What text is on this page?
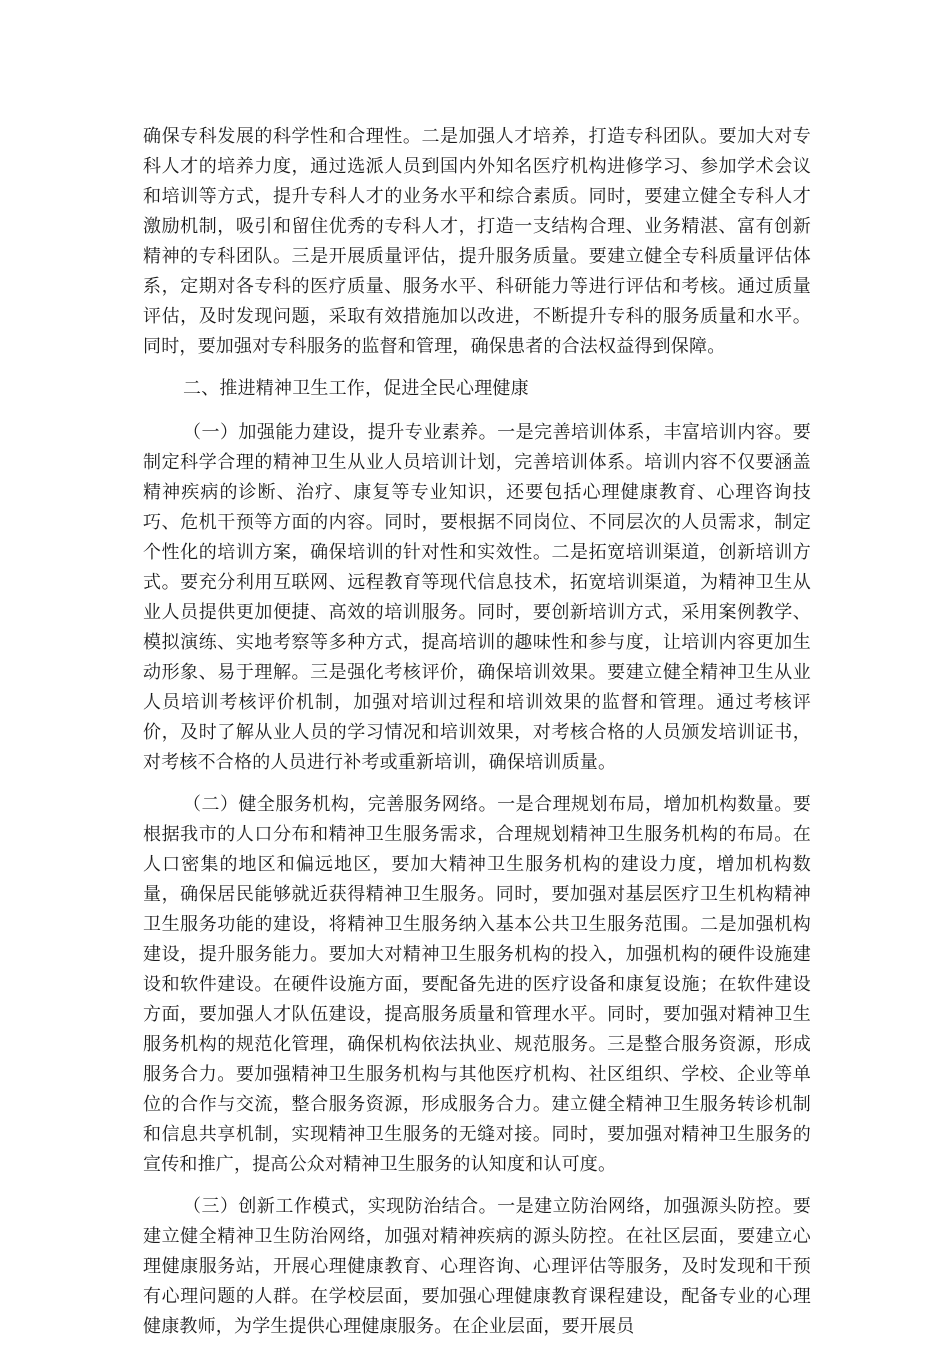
确保专科发展的科学性和合理性。二是加强人才培养，打造专科团队。要加大对专科人才的培养力度，通过选派人员到国内外知名医疗机构进修学习、参加学术会议和培训等方式，提升专科人才的业务水平和综合素质。同时，要建立健全专科人才激励机制，吸引和留住优秀的专科人才，打造一支结构合理、业务精湛、富有创新精神的专科团队。三是开展质量评估，提升服务质量。要建立健全专科质量评估体系，定期对各专科的医疗质量、服务水平、科研能力等进行评估和考核。通过质量评估，及时发现问题，采取有效措施加以改进，不断提升专科的服务质量和水平。同时，要加强对专科服务的监督和管理，确保患者的合法权益得到保障。

二、推进精神卫生工作，促进全民心理健康

（一）加强能力建设，提升专业素养。一是完善培训体系，丰富培训内容。要制定科学合理的精神卫生从业人员培训计划，完善培训体系。培训内容不仅要涵盖精神疾病的诊断、治疗、康复等专业知识，还要包括心理健康教育、心理咨询技巧、危机干预等方面的内容。同时，要根据不同岗位、不同层次的人员需求，制定个性化的培训方案，确保培训的针对性和实效性。二是拓宽培训渠道，创新培训方式。要充分利用互联网、远程教育等现代信息技术，拓宽培训渠道，为精神卫生从业人员提供更加便捷、高效的培训服务。同时，要创新培训方式，采用案例教学、模拟演练、实地考察等多种方式，提高培训的趣味性和参与度，让培训内容更加生动形象、易于理解。三是强化考核评价，确保培训效果。要建立健全精神卫生从业人员培训考核评价机制，加强对培训过程和培训效果的监督和管理。通过考核评价，及时了解从业人员的学习情况和培训效果，对考核合格的人员颁发培训证书，对考核不合格的人员进行补考或重新培训，确保培训质量。

（二）健全服务机构，完善服务网络。一是合理规划布局，增加机构数量。要根据我市的人口分布和精神卫生服务需求，合理规划精神卫生服务机构的布局。在人口密集的地区和偏远地区，要加大精神卫生服务机构的建设力度，增加机构数量，确保居民能够就近获得精神卫生服务。同时，要加强对基层医疗卫生机构精神卫生服务功能的建设，将精神卫生服务纳入基本公共卫生服务范围。二是加强机构建设，提升服务能力。要加大对精神卫生服务机构的投入，加强机构的硬件设施建设和软件建设。在硬件设施方面，要配备先进的医疗设备和康复设施；在软件建设方面，要加强人才队伍建设，提高服务质量和管理水平。同时，要加强对精神卫生服务机构的规范化管理，确保机构依法执业、规范服务。三是整合服务资源，形成服务合力。要加强精神卫生服务机构与其他医疗机构、社区组织、学校、企业等单位的合作与交流，整合服务资源，形成服务合力。建立健全精神卫生服务转诊机制和信息共享机制，实现精神卫生服务的无缝对接。同时，要加强对精神卫生服务的宣传和推广，提高公众对精神卫生服务的认知度和认可度。

（三）创新工作模式，实现防治结合。一是建立防治网络，加强源头防控。要建立健全精神卫生防治网络，加强对精神疾病的源头防控。在社区层面，要建立心理健康服务站，开展心理健康教育、心理咨询、心理评估等服务，及时发现和干预有心理问题的人群。在学校层面，要加强心理健康教育课程建设，配备专业的心理健康教师，为学生提供心理健康服务。在企业层面，要开展员
